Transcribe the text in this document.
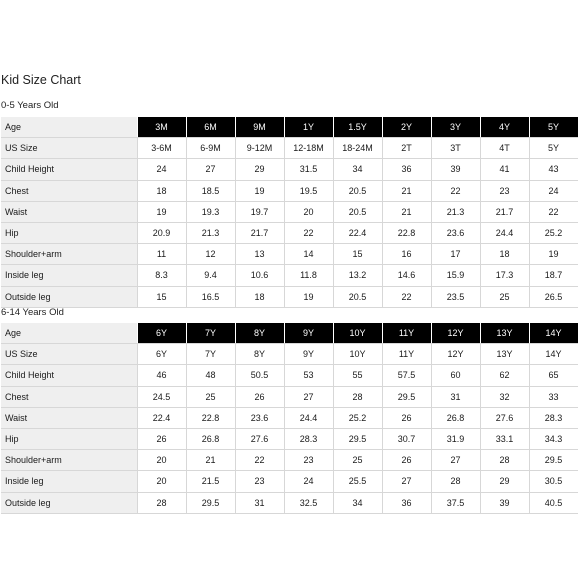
Kid Size Chart
0-5 Years Old
Age	3M	6M	9M	1Y	1.5Y	2Y	3Y	4Y	5Y
US Size	3-6M	6-9M	9-12M	12-18M	18-24M	2T	3T	4T	5Y
Child Height	24	27	29	31.5	34	36	39	41	43
Chest	18	18.5	19	19.5	20.5	21	22	23	24
Waist	19	19.3	19.7	20	20.5	21	21.3	21.7	22
Hip	20.9	21.3	21.7	22	22.4	22.8	23.6	24.4	25.2
Shoulder+arm	11	12	13	14	15	16	17	18	19
Inside leg	8.3	9.4	10.6	11.8	13.2	14.6	15.9	17.3	18.7
Outside leg	15	16.5	18	19	20.5	22	23.5	25	26.5
6-14 Years Old
Age	6Y	7Y	8Y	9Y	10Y	11Y	12Y	13Y	14Y
US Size	6Y	7Y	8Y	9Y	10Y	11Y	12Y	13Y	14Y
Child Height	46	48	50.5	53	55	57.5	60	62	65
Chest	24.5	25	26	27	28	29.5	31	32	33
Waist	22.4	22.8	23.6	24.4	25.2	26	26.8	27.6	28.3
Hip	26	26.8	27.6	28.3	29.5	30.7	31.9	33.1	34.3
Shoulder+arm	20	21	22	23	25	26	27	28	29.5
Inside leg	20	21.5	23	24	25.5	27	28	29	30.5
Outside leg	28	29.5	31	32.5	34	36	37.5	39	40.5
